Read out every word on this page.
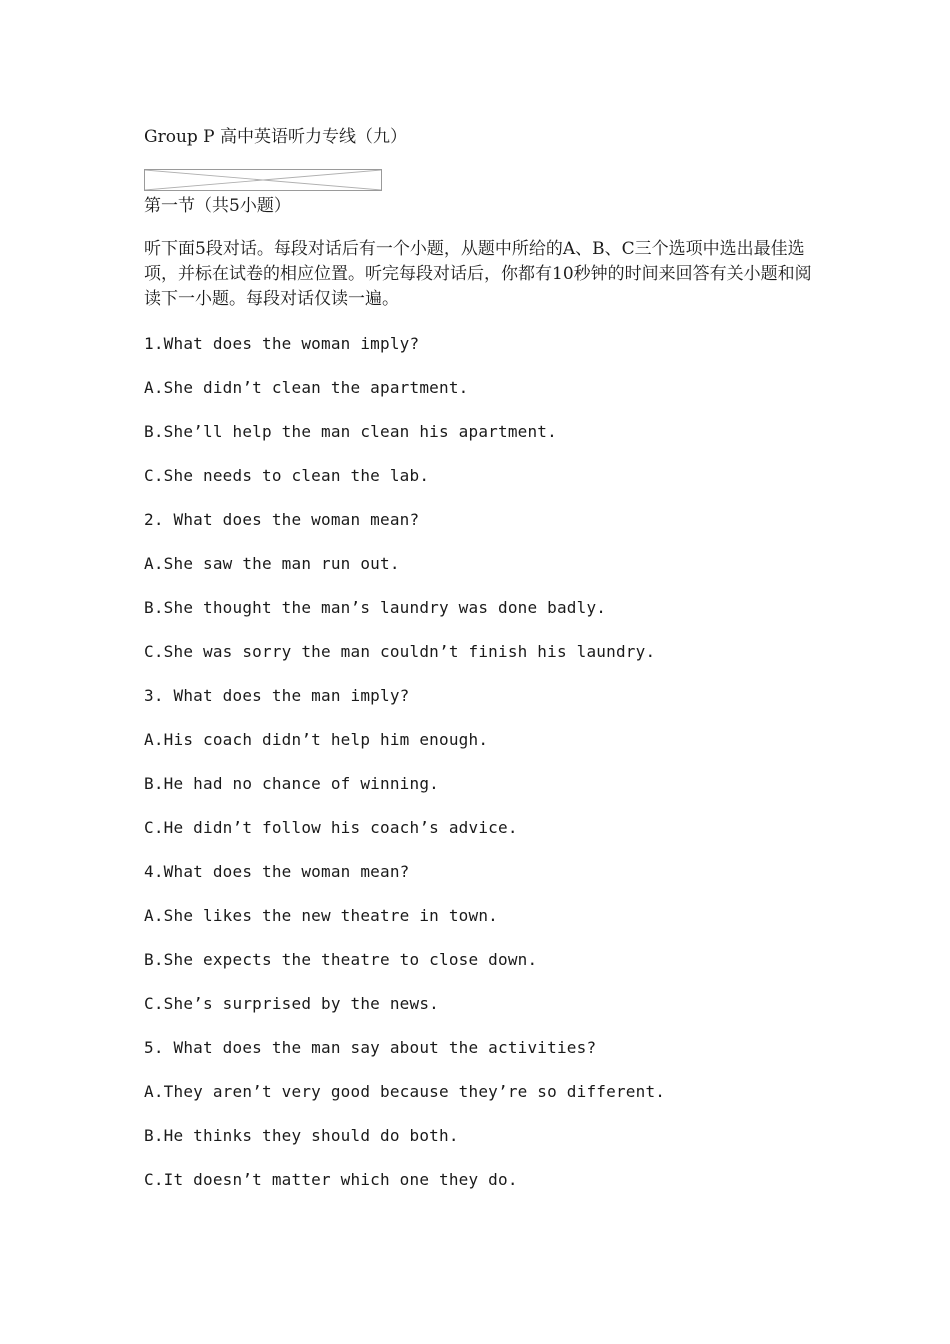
Group P 高中英语听力专线（九）
第一节（共5小题）
听下面5段对话。每段对话后有一个小题，从题中所给的A、B、C三个选项中选出最佳选项，并标在试卷的相应位置。听完每段对话后，你都有10秒钟的时间来回答有关小题和阅读下一小题。每段对话仅读一遍。
1.What does the woman imply?
A.She didn’t clean the apartment.
B.She’ll help the man clean his apartment.
C.She needs to clean the lab.
2. What does the woman mean?
A.She saw the man run out.
B.She thought the man’s laundry was done badly.
C.She was sorry the man couldn’t finish his laundry.
3. What does the man imply?
A.His coach didn’t help him enough.
B.He had no chance of winning.
C.He didn’t follow his coach’s advice.
4.What does the woman mean?
A.She likes the new theatre in town.
B.She expects the theatre to close down.
C.She’s surprised by the news.
5. What does the man say about the activities?
A.They aren’t very good because they’re so different.
B.He thinks they should do both.
C.It doesn’t matter which one they do.
